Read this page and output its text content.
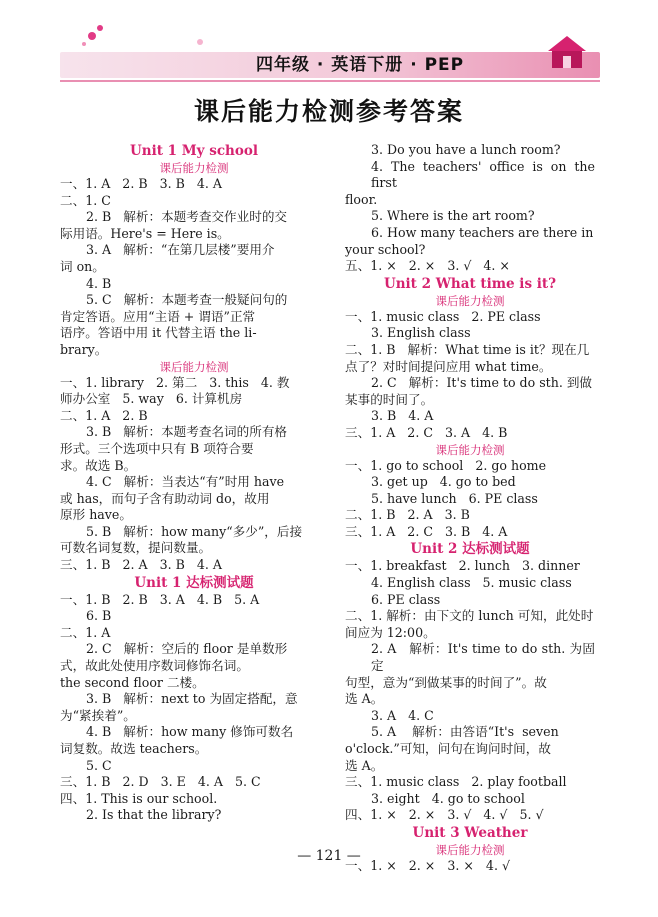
四年级 · 英语下册 · PEP
课后能力检测参考答案
Unit 1 My school
课后能力检测
一、1. A   2. B   3. B   4. A
二、1. C
2. B   解析：本题考查交作业时的交
际用语。Here's = Here is。
3. A   解析：“在第几层楼”要用介
词 on。
4. B
5. C   解析：本题考查一般疑问句的
肯定答语。应用“主语 + 谓语”正常
语序。答语中用 it 代替主语 the li-
brary。
课后能力检测
一、1. library   2. 第二   3. this   4. 教
师办公室   5. way   6. 计算机房
二、1. A   2. B
3. B   解析：本题考查名词的所有格
形式。三个选项中只有 B 项符合要
求。故选 B。
4. C   解析：当表达“有”时用 have
或 has，而句子含有助动词 do，故用
原形 have。
5. B   解析：how many“多少”，后接
可数名词复数，提问数量。
三、1. B   2. A   3. B   4. A
Unit 1 达标测试题
一、1. B   2. B   3. A   4. B   5. A
6. B
二、1. A
2. C   解析：空后的 floor 是单数形
式，故此处使用序数词修饰名词。
the second floor 二楼。
3. B   解析：next to 为固定搭配，意
为“紧挨着”。
4. B   解析：how many 修饰可数名
词复数。故选 teachers。
5. C
三、1. B   2. D   3. E   4. A   5. C
四、1. This is our school.
2. Is that the library?
3. Do you have a lunch room?
4. The teachers' office is on the first
floor.
5. Where is the art room?
6. How many teachers are there in
your school?
五、1. ×   2. ×   3. √   4. ×
Unit 2 What time is it?
课后能力检测
一、1. music class   2. PE class
3. English class
二、1. B   解析：What time is it？现在几
点了？对时间提问应用 what time。
2. C   解析：It's time to do sth. 到做
某事的时间了。
3. B   4. A
三、1. A   2. C   3. A   4. B
课后能力检测
一、1. go to school   2. go home
3. get up   4. go to bed
5. have lunch   6. PE class
二、1. B   2. A   3. B
三、1. A   2. C   3. B   4. A
Unit 2 达标测试题
一、1. breakfast   2. lunch   3. dinner
4. English class   5. music class
6. PE class
二、1. 解析：由下文的 lunch 可知，此处时
间应为 12:00。
2. A   解析：It's time to do sth. 为固定
句型，意为“到做某事的时间了”。故
选 A。
3. A   4. C
5. A    解析：由答语“It's  seven
o'clock.”可知，问句在询问时间，故
选 A。
三、1. music class   2. play football
3. eight   4. go to school
四、1. ×   2. ×   3. √   4. √   5. √
Unit 3 Weather
课后能力检测
一、1. ×   2. ×   3. ×   4. √
— 121 —
